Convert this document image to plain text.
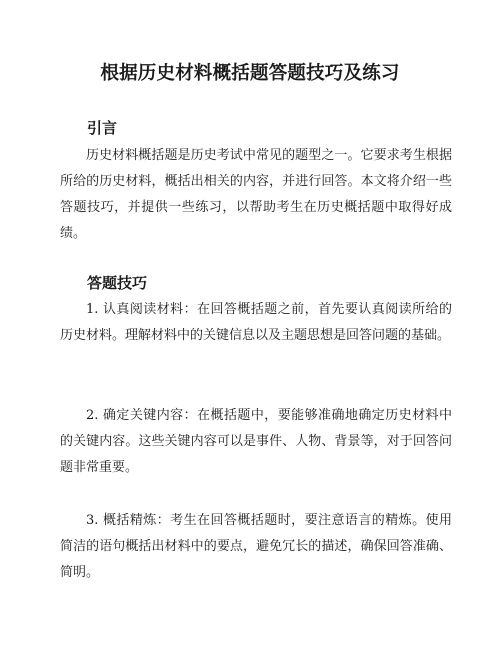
根据历史材料概括题答题技巧及练习
引言

历史材料概括题是历史考试中常见的题型之一。它要求考生根据所给的历史材料，概括出相关的内容，并进行回答。本文将介绍一些答题技巧，并提供一些练习，以帮助考生在历史概括题中取得好成绩。

答题技巧

1. 认真阅读材料：在回答概括题之前，首先要认真阅读所给的历史材料。理解材料中的关键信息以及主题思想是回答问题的基础。

2. 确定关键内容：在概括题中，要能够准确地确定历史材料中的关键内容。这些关键内容可以是事件、人物、背景等，对于回答问题非常重要。

3. 概括精炼：考生在回答概括题时，要注意语言的精炼。使用简洁的语句概括出材料中的要点，避免冗长的描述，确保回答准确、简明。
